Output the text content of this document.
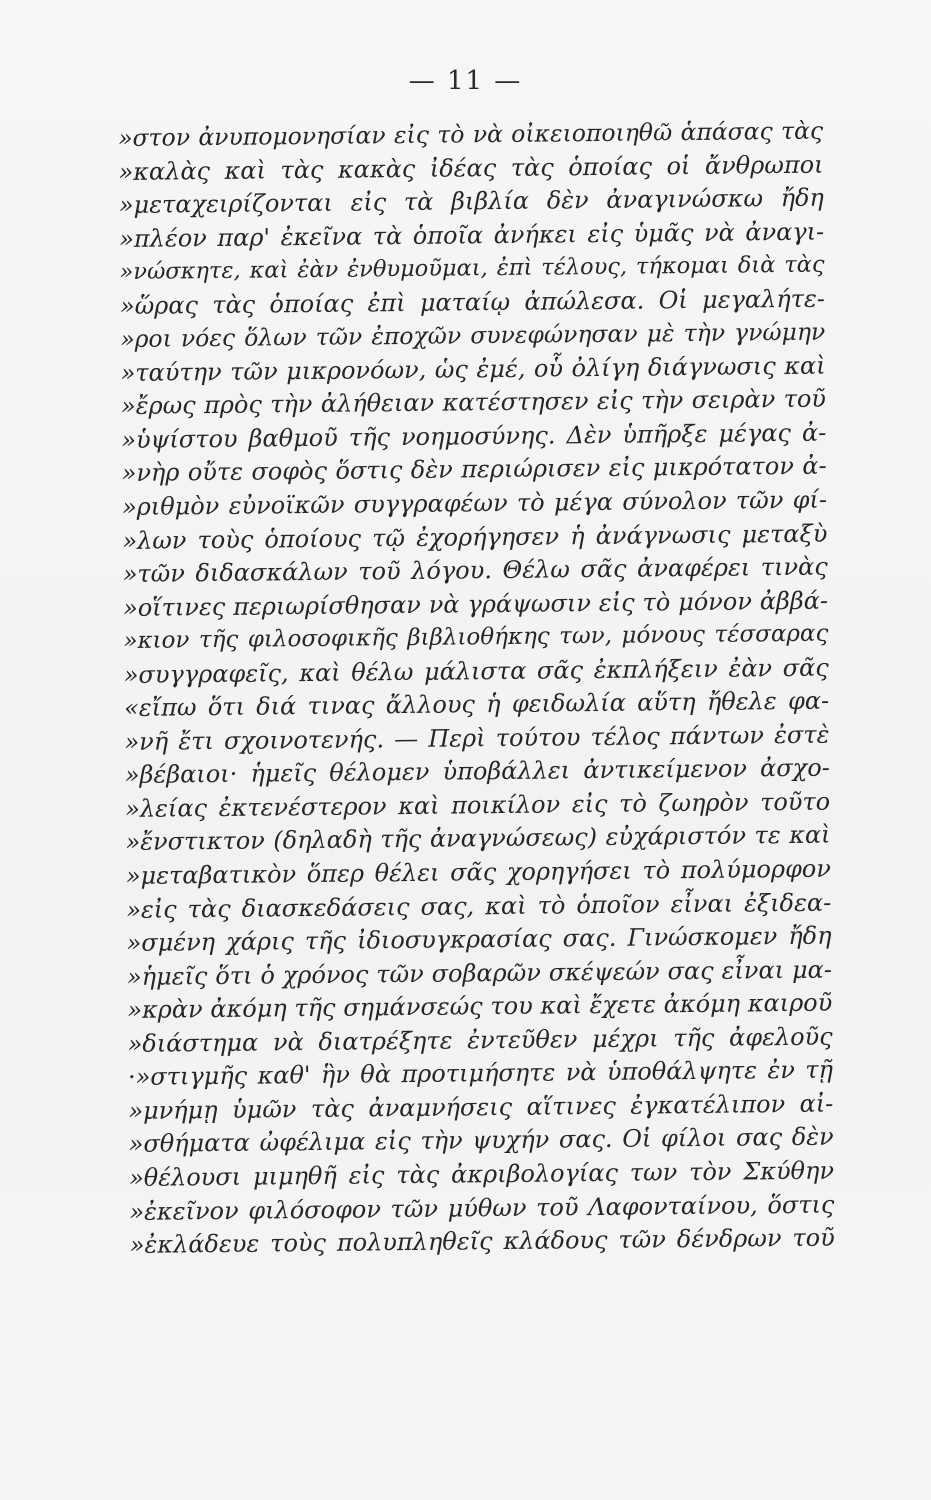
— 11 —
»στον ἀνυπομονησίαν εἰς τὸ νὰ οἰκειοποιηθῶ ἁπάσας τὰς
»καλὰς καὶ τὰς κακὰς ἰδέας τὰς ὁποίας οἱ ἄνθρωποι
»μεταχειρίζονται εἰς τὰ βιβλία δὲν ἀναγινώσκω ἤδη
»πλέον παρ' ἐκεῖνα τὰ ὁποῖα ἀνήκει εἰς ὑμᾶς νὰ ἀναγι-
»νώσκητε, καὶ ἐὰν ἐνθυμοῦμαι, ἐπὶ τέλους, τήκομαι διὰ τὰς
»ὥρας τὰς ὁποίας ἐπὶ ματαίῳ ἀπώλεσα. Οἱ μεγαλήτε-
»ροι νόες ὅλων τῶν ἐποχῶν συνεφώνησαν μὲ τὴν γνώμην
»ταύτην τῶν μικρονόων, ὡς ἐμέ, οὗ ὀλίγη διάγνωσις καὶ
»ἔρως πρὸς τὴν ἀλήθειαν κατέστησεν εἰς τὴν σειρὰν τοῦ
»ὑψίστου βαθμοῦ τῆς νοημοσύνης. Δὲν ὑπῆρξε μέγας ἀ-
»νὴρ οὔτε σοφὸς ὅστις δὲν περιώρισεν εἰς μικρότατον ἀ-
»ριθμὸν εὐνοϊκῶν συγγραφέων τὸ μέγα σύνολον τῶν φί-
»λων τοὺς ὁποίους τῷ ἐχορήγησεν ἡ ἀνάγνωσις μεταξὺ
»τῶν διδασκάλων τοῦ λόγου. Θέλω σᾶς ἀναφέρει τινὰς
»οἵτινες περιωρίσθησαν νὰ γράψωσιν εἰς τὸ μόνον ἀββά-
»κιον τῆς φιλοσοφικῆς βιβλιοθήκης των, μόνους τέσσαρας
»συγγραφεῖς, καὶ θέλω μάλιστα σᾶς ἐκπλήξειν ἐὰν σᾶς
«εἴπω ὅτι διά τινας ἄλλους ἡ φειδωλία αὕτη ἤθελε φα-
»νῆ ἔτι σχοινοτενής. — Περὶ τούτου τέλος πάντων ἐστὲ
»βέβαιοι· ἡμεῖς θέλομεν ὑποβάλλει ἀντικείμενον ἀσχο-
»λείας ἐκτενέστερον καὶ ποικίλον εἰς τὸ ζωηρὸν τοῦτο
»ἔνστικτον (δηλαδὴ τῆς ἀναγνώσεως) εὐχάριστόν τε καὶ
»μεταβατικὸν ὅπερ θέλει σᾶς χορηγήσει τὸ πολύμορφον
»εἰς τὰς διασκεδάσεις σας, καὶ τὸ ὁποῖον εἶναι ἐξιδεα-
»σμένη χάρις τῆς ἰδιοσυγκρασίας σας. Γινώσκομεν ἤδη
»ἡμεῖς ὅτι ὁ χρόνος τῶν σοβαρῶν σκέψεών σας εἶναι μα-
»κρὰν ἀκόμη τῆς σημάνσεώς του καὶ ἔχετε ἀκόμη καιροῦ
»διάστημα νὰ διατρέξητε ἐντεῦθεν μέχρι τῆς ἀφελοῦς
·»στιγμῆς καθ' ἣν θὰ προτιμήσητε νὰ ὑποθάλψητε ἐν τῇ
»μνήμῃ ὑμῶν τὰς ἀναμνήσεις αἵτινες ἐγκατέλιπον αἰ-
»σθήματα ὠφέλιμα εἰς τὴν ψυχήν σας. Οἱ φίλοι σας δὲν
»θέλουσι μιμηθῆ εἰς τὰς ἀκριβολογίας των τὸν Σκύθην
»ἐκεῖνον φιλόσοφον τῶν μύθων τοῦ Λαφονταίνου, ὅστις
»ἐκλάδευε τοὺς πολυπληθεῖς κλάδους τῶν δένδρων τοῦ
